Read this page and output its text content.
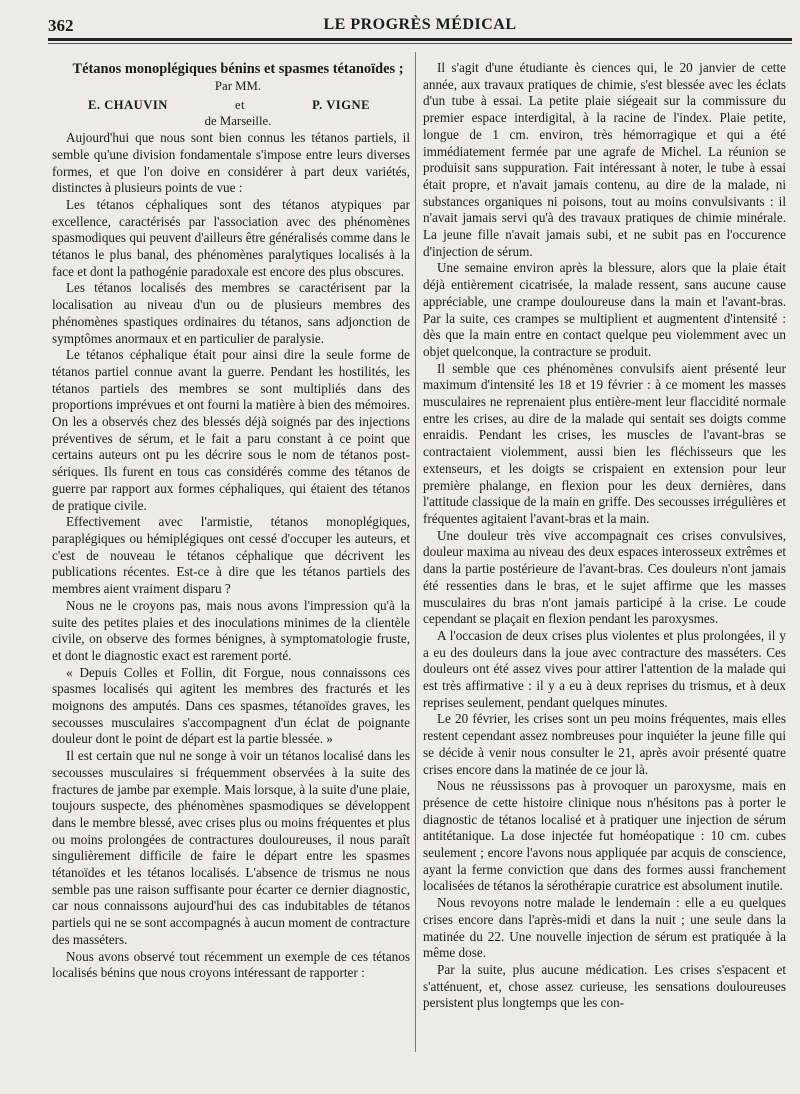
362	LE PROGRÈS MÉDICAL

Tétanos monoplégiques bénins et spasmes tétanoïdes ;

Par MM.

E. CHAUVIN	et	P. VIGNE

de Marseille.

Aujourd'hui que nous sont bien connus les tétanos partiels, il semble qu'une division fondamentale s'impose entre leurs diverses formes, et que l'on doive en considérer à part deux variétés, distinctes à plusieurs points de vue :

Les tétanos céphaliques sont des tétanos atypiques par excellence, caractérisés par l'association avec des phénomènes spasmodiques qui peuvent d'ailleurs être généralisés comme dans le tétanos le plus banal, des phénomènes paralytiques localisés à la face et dont la pathogénie paradoxale est encore des plus obscures.

Les tétanos localisés des membres se caractérisent par la localisation au niveau d'un ou de plusieurs membres des phénomènes spastiques ordinaires du tétanos, sans adjonction de symptômes anormaux et en particulier de paralysie.

Le tétanos céphalique était pour ainsi dire la seule forme de tétanos partiel connue avant la guerre. Pendant les hostilités, les tétanos partiels des membres se sont multipliés dans des proportions imprévues et ont fourni la matière à bien des mémoires. On les a observés chez des blessés déjà soignés par des injections préventives de sérum, et le fait a paru constant à ce point que certains auteurs ont pu les décrire sous le nom de tétanos post-sériques. Ils furent en tous cas considérés comme des tétanos de guerre par rapport aux formes céphaliques, qui étaient des tétanos de pratique civile.

Effectivement avec l'armistie, tétanos monoplégiques, paraplégiques ou hémiplégiques ont cessé d'occuper les auteurs, et c'est de nouveau le tétanos céphalique que décrivent les publications récentes. Est-ce à dire que les tétanos partiels des membres aient vraiment disparu ?

Nous ne le croyons pas, mais nous avons l'impression qu'à la suite des petites plaies et des inoculations minimes de la clientèle civile, on observe des formes bénignes, à symptomatologie fruste, et dont le diagnostic exact est rarement porté.

« Depuis Colles et Follin, dit Forgue, nous connaissons ces spasmes localisés qui agitent les membres des fracturés et les moignons des amputés. Dans ces spasmes, tétanoïdes graves, les secousses musculaires s'accompagnent d'un éclat de poignante douleur dont le point de départ est la partie blessée. »

Il est certain que nul ne songe à voir un tétanos localisé dans les secousses musculaires si fréquemment observées à la suite des fractures de jambe par exemple. Mais lorsque, à la suite d'une plaie, toujours suspecte, des phénomènes spasmodiques se développent dans le membre blessé, avec crises plus ou moins fréquentes et plus ou moins prolongées de contractures douloureuses, il nous paraît singulièrement difficile de faire le départ entre les spasmes tétanoïdes et les tétanos localisés. L'absence de trismus ne nous semble pas une raison suffisante pour écarter ce dernier diagnostic, car nous connaissons aujourd'hui des cas indubitables de tétanos partiels qui ne se sont accompagnés à aucun moment de contracture des masséters.

Nous avons observé tout récemment un exemple de ces tétanos localisés bénins que nous croyons intéressant de rapporter :

Il s'agit d'une étudiante ès ciences qui, le 20 janvier de cette année, aux travaux pratiques de chimie, s'est blessée avec les éclats d'un tube à essai. La petite plaie siégeait sur la commissure du premier espace interdigital, à la racine de l'index. Plaie petite, longue de 1 cm. environ, très hémorragique et qui a été immédiatement fermée par une agrafe de Michel. La réunion se produisit sans suppuration. Fait intéressant à noter, le tube à essai était propre, et n'avait jamais contenu, au dire de la malade, ni substances organiques ni poisons, tout au moins convulsivants : il n'avait jamais servi qu'à des travaux pratiques de chimie minérale. La jeune fille n'avait jamais subi, et ne subit pas en l'occurence d'injection de sérum.

Une semaine environ après la blessure, alors que la plaie était déjà entièrement cicatrisée, la malade ressent, sans aucune cause appréciable, une crampe douloureuse dans la main et l'avant-bras. Par la suite, ces crampes se multiplient et augmentent d'intensité : dès que la main entre en contact quelque peu violemment avec un objet quelconque, la contracture se produit.

Il semble que ces phénomènes convulsifs aient présenté leur maximum d'intensité les 18 et 19 février : à ce moment les masses musculaires ne reprenaient plus entière-ment leur flaccidité normale entre les crises, au dire de la malade qui sentait ses doigts comme enraidis. Pendant les crises, les muscles de l'avant-bras se contractaient violemment, aussi bien les fléchisseurs que les extenseurs, et les doigts se crispaient en extension pour leur première phalange, en flexion pour les deux dernières, dans l'attitude classique de la main en griffe. Des secousses irrégulières et fréquentes agitaient l'avant-bras et la main.

Une douleur très vive accompagnait ces crises convulsives, douleur maxima au niveau des deux espaces interosseux extrêmes et dans la partie postérieure de l'avant-bras. Ces douleurs n'ont jamais été ressenties dans le bras, et le sujet affirme que les masses musculaires du bras n'ont jamais participé à la crise. Le coude cependant se plaçait en flexion pendant les paroxysmes.

A l'occasion de deux crises plus violentes et plus prolongées, il y a eu des douleurs dans la joue avec contracture des masséters. Ces douleurs ont été assez vives pour attirer l'attention de la malade qui est très affirmative : il y a eu à deux reprises du trismus, et à deux reprises seulement, pendant quelques minutes.

Le 20 février, les crises sont un peu moins fréquentes, mais elles restent cependant assez nombreuses pour inquiéter la jeune fille qui se décide à venir nous consulter le 21, après avoir présenté quatre crises encore dans la matinée de ce jour là.

Nous ne réussissons pas à provoquer un paroxysme, mais en présence de cette histoire clinique nous n'hésitons pas à porter le diagnostic de tétanos localisé et à pratiquer une injection de sérum antitétanique. La dose injectée fut homéopatique : 10 cm. cubes seulement ; encore l'avons nous appliquée par acquis de conscience, ayant la ferme conviction que dans des formes aussi franchement localisées de tétanos la sérothérapie curatrice est absolument inutile.

Nous revoyons notre malade le lendemain : elle a eu quelques crises encore dans l'après-midi et dans la nuit ; une seule dans la matinée du 22. Une nouvelle injection de sérum est pratiquée à la même dose.

Par la suite, plus aucune médication. Les crises s'espacent et s'atténuent, et, chose assez curieuse, les sensations douloureuses persistent plus longtemps que les con-
